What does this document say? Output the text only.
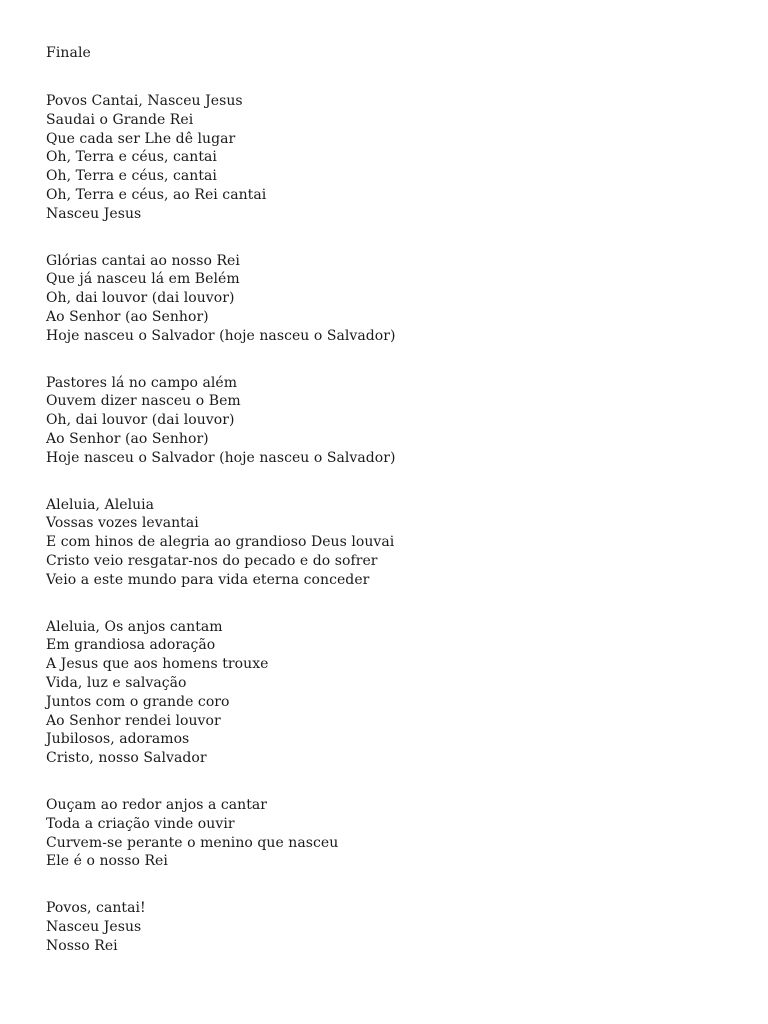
Finale
Povos Cantai, Nasceu Jesus
Saudai o Grande Rei
Que cada ser Lhe dê lugar
Oh, Terra e céus, cantai
Oh, Terra e céus, cantai
Oh, Terra e céus, ao Rei cantai
Nasceu Jesus
Glórias cantai ao nosso Rei
Que já nasceu lá em Belém
Oh, dai louvor (dai louvor)
Ao Senhor (ao Senhor)
Hoje nasceu o Salvador (hoje nasceu o Salvador)
Pastores lá no campo além
Ouvem dizer nasceu o Bem
Oh, dai louvor (dai louvor)
Ao Senhor (ao Senhor)
Hoje nasceu o Salvador (hoje nasceu o Salvador)
Aleluia, Aleluia
Vossas vozes levantai
E com hinos de alegria ao grandioso Deus louvai
Cristo veio resgatar-nos do pecado e do sofrer
Veio a este mundo para vida eterna conceder
Aleluia, Os anjos cantam
Em grandiosa adoração
A Jesus que aos homens trouxe
Vida, luz e salvação
Juntos com o grande coro
Ao Senhor rendei louvor
Jubilosos, adoramos
Cristo, nosso Salvador
Ouçam ao redor anjos a cantar
Toda a criação vinde ouvir
Curvem-se perante o menino que nasceu
Ele é o nosso Rei
Povos, cantai!
Nasceu Jesus
Nosso Rei
